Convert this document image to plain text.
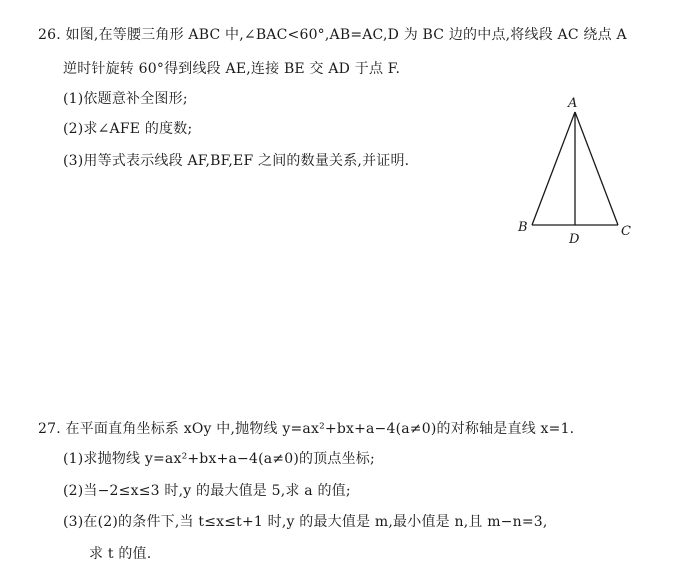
26. 如图,在等腰三角形 ABC 中,∠BAC<60°,AB=AC,D 为 BC 边的中点,将线段 AC 绕点 A
逆时针旋转 60°得到线段 AE,连接 BE 交 AD 于点 F.
(1)依题意补全图形;
(2)求∠AFE 的度数;
(3)用等式表示线段 AF,BF,EF 之间的数量关系,并证明.
A
B	C
D
27. 在平面直角坐标系 xOy 中,抛物线 y=ax²+bx+a−4(a≠0)的对称轴是直线 x=1.
(1)求抛物线 y=ax²+bx+a−4(a≠0)的顶点坐标;
(2)当−2≤x≤3 时,y 的最大值是 5,求 a 的值;
(3)在(2)的条件下,当 t≤x≤t+1 时,y 的最大值是 m,最小值是 n,且 m−n=3,
求 t 的值.
